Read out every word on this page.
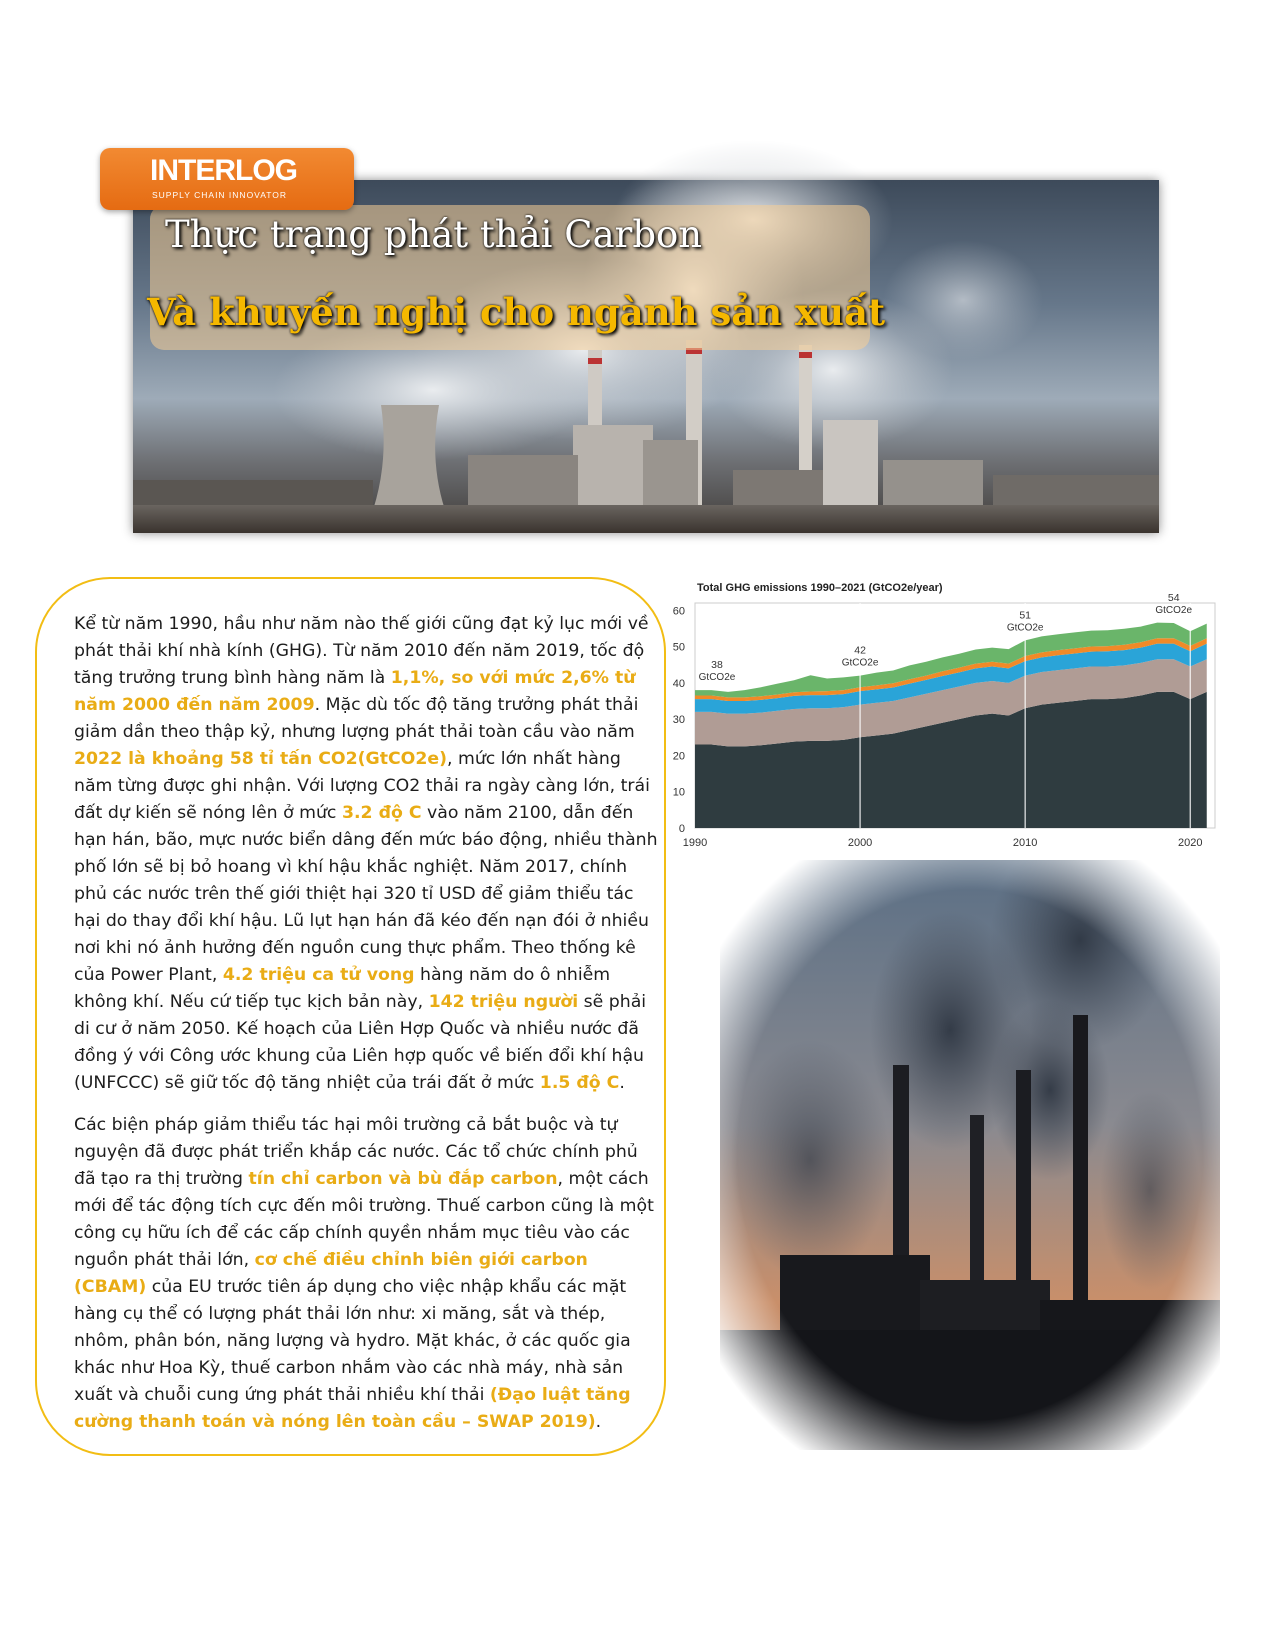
INTERLOG
SUPPLY CHAIN INNOVATOR
Thực trạng phát thải Carbon
Và khuyến nghị cho ngành sản xuất
Kể từ năm 1990, hầu như năm nào thế giới cũng đạt kỷ lục mới về phát thải khí nhà kính (GHG). Từ năm 2010 đến năm 2019, tốc độ tăng trưởng trung bình hàng năm là 1,1%, so với mức 2,6% từ năm 2000 đến năm 2009. Mặc dù tốc độ tăng trưởng phát thải giảm dần theo thập kỷ, nhưng lượng phát thải toàn cầu vào năm 2022 là khoảng 58 tỉ tấn CO2(GtCO2e), mức lớn nhất hàng năm từng được ghi nhận. Với lượng CO2 thải ra ngày càng lớn, trái đất dự kiến sẽ nóng lên ở mức 3.2 độ C vào năm 2100, dẫn đến hạn hán, bão, mực nước biển dâng đến mức báo động, nhiều thành phố lớn sẽ bị bỏ hoang vì khí hậu khắc nghiệt. Năm 2017, chính phủ các nước trên thế giới thiệt hại 320 tỉ USD để giảm thiểu tác hại do thay đổi khí hậu. Lũ lụt hạn hán đã kéo đến nạn đói ở nhiều nơi khi nó ảnh hưởng đến nguồn cung thực phẩm. Theo thống kê của Power Plant, 4.2 triệu ca tử vong hàng năm do ô nhiễm không khí. Nếu cứ tiếp tục kịch bản này, 142 triệu người sẽ phải di cư ở năm 2050. Kế hoạch của Liên Hợp Quốc và nhiều nước đã đồng ý với Công ước khung của Liên hợp quốc về biến đổi khí hậu (UNFCCC) sẽ giữ tốc độ tăng nhiệt của trái đất ở mức 1.5 độ C.
Các biện pháp giảm thiểu tác hại môi trường cả bắt buộc và tự nguyện đã được phát triển khắp các nước. Các tổ chức chính phủ đã tạo ra thị trường tín chỉ carbon và bù đắp carbon, một cách mới để tác động tích cực đến môi trường. Thuế carbon cũng là một công cụ hữu ích để các cấp chính quyền nhắm mục tiêu vào các nguồn phát thải lớn, cơ chế điều chỉnh biên giới carbon (CBAM) của EU trước tiên áp dụng cho việc nhập khẩu các mặt hàng cụ thể có lượng phát thải lớn như: xi măng, sắt và thép, nhôm, phân bón, năng lượng và hydro. Mặt khác, ở các quốc gia khác như Hoa Kỳ, thuế carbon nhắm vào các nhà máy, nhà sản xuất và chuỗi cung ứng phát thải nhiều khí thải (Đạo luật tăng cường thanh toán và nóng lên toàn cầu – SWAP 2019).
Total GHG emissions 1990–2021 (GtCO2e/year)
0
10
20
30
40
50
60
1990	2000	2010	2020
38
GtCO2e
42
GtCO2e
51
GtCO2e
54
GtCO2e
